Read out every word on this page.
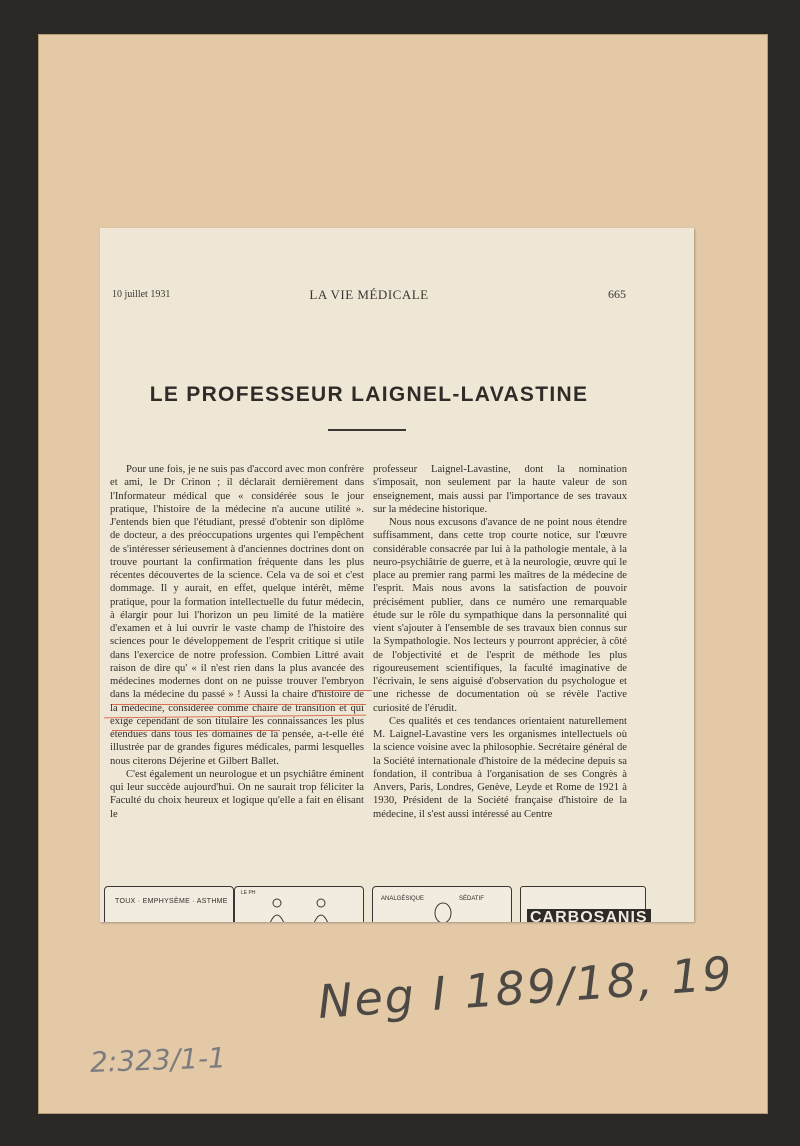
10 juillet 1931	LA VIE MÉDICALE	665
LE PROFESSEUR LAIGNEL-LAVASTINE

Pour une fois, je ne suis pas d'accord avec mon confrère et ami, le Dr Crinon ; il déclarait dernièrement dans l'Informateur médical que « considérée sous le jour pratique, l'histoire de la médecine n'a aucune utilité ». J'entends bien que l'étudiant, pressé d'obtenir son diplôme de docteur, a des préoccupations urgentes qui l'empêchent de s'intéresser sérieusement à d'anciennes doctrines dont on trouve pourtant la confirmation fréquente dans les plus récentes découvertes de la science. Cela va de soi et c'est dommage. Il y aurait, en effet, quelque intérêt, même pratique, pour la formation intellectuelle du futur médecin, à élargir pour lui l'horizon un peu limité de la matière d'examen et à lui ouvrir le vaste champ de l'histoire des sciences pour le développement de l'esprit critique si utile dans l'exercice de notre profession. Combien Littré avait raison de dire qu' « il n'est rien dans la plus avancée des médecines modernes dont on ne puisse trouver l'embryon dans la médecine du passé » ! Aussi la chaire d'histoire de la médecine, considérée comme chaire de transition et qui exige cependant de son titulaire les connaissances les plus étendues dans tous les domaines de la pensée, a-t-elle été illustrée par de grandes figures médicales, parmi lesquelles nous citerons Déjerine et Gilbert Ballet.

C'est également un neurologue et un psychiâtre éminent qui leur succède aujourd'hui. On ne saurait trop féliciter la Faculté du choix heureux et logique qu'elle a fait en élisant le

professeur Laignel-Lavastine, dont la nomination s'imposait, non seulement par la haute valeur de son enseignement, mais aussi par l'importance de ses travaux sur la médecine historique.

Nous nous excusons d'avance de ne point nous étendre suffisamment, dans cette trop courte notice, sur l'œuvre considérable consacrée par lui à la pathologie mentale, à la neuro-psychiâtrie de guerre, et à la neurologie, œuvre qui le place au premier rang parmi les maîtres de la médecine de l'esprit. Mais nous avons la satisfaction de pouvoir précisément publier, dans ce numéro une remarquable étude sur le rôle du sympathique dans la personnalité qui vient s'ajouter à l'ensemble de ses travaux bien connus sur la Sympathologie. Nos lecteurs y pourront apprécier, à côté de l'objectivité et de l'esprit de méthode les plus rigoureusement scientifiques, la faculté imaginative de l'écrivain, le sens aiguisé d'observation du psychologue et une richesse de documentation où se révèle l'active curiosité de l'érudit.

Ces qualités et ces tendances orientaient naturellement M. Laignel-Lavastine vers les organismes intellectuels où la science voisine avec la philosophie. Secrétaire général de la Société internationale d'histoire de la médecine depuis sa fondation, il contribua à l'organisation de ses Congrès à Anvers, Paris, Londres, Genève, Leyde et Rome de 1921 à 1930, Président de la Société française d'histoire de la médecine, il s'est aussi intéressé au Centre

TOUX · EMPHYSÈME · ASTHME
LE PH
ANALGÉSIQUE	SÉDATIF
CARBOSANIS
Neg I 189/18, 19
2:323/1-1
